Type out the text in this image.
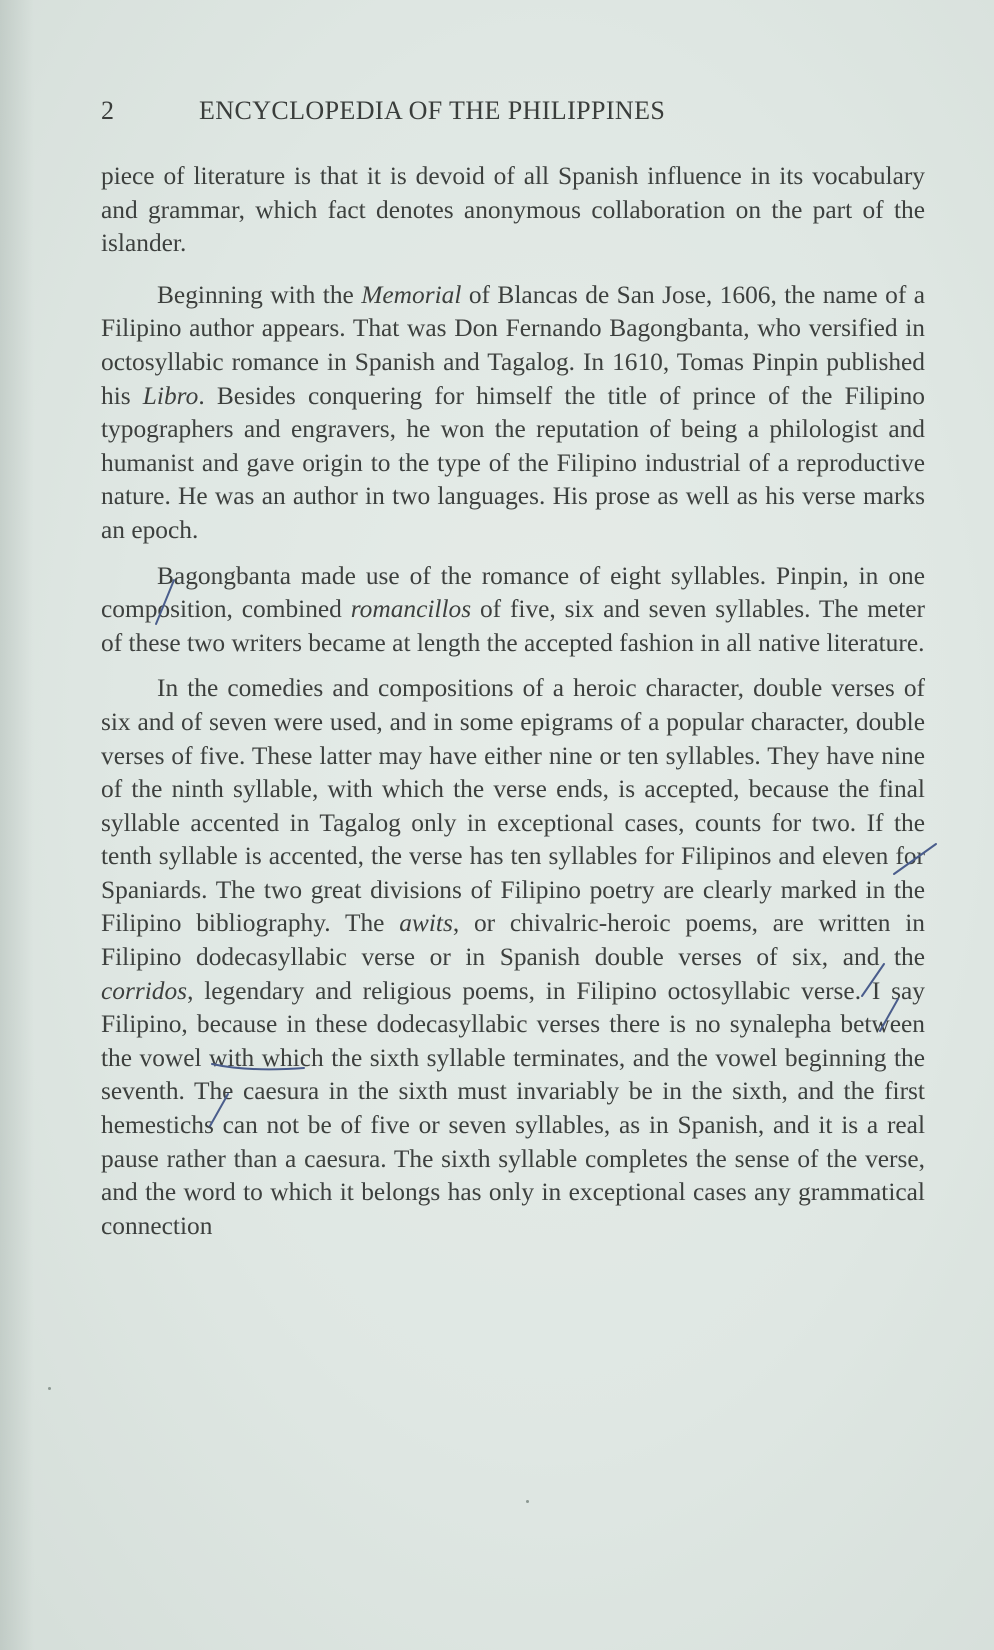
2	ENCYCLOPEDIA OF THE PHILIPPINES

piece of literature is that it is devoid of all Spanish influence in its vocabulary and grammar, which fact denotes anonymous collaboration on the part of the islander.

Beginning with the Memorial of Blancas de San Jose, 1606, the name of a Filipino author appears. That was Don Fernando Bagongbanta, who versified in octosyllabic romance in Spanish and Tagalog. In 1610, Tomas Pinpin published his Libro. Besides conquering for himself the title of prince of the Filipino typographers and engravers, he won the reputation of being a philologist and humanist and gave origin to the type of the Filipino industrial of a reproductive nature. He was an author in two languages. His prose as well as his verse marks an epoch.

Bagongbanta made use of the romance of eight syllables. Pinpin, in one composition, combined romancillos of five, six and seven syllables. The meter of these two writers became at length the accepted fashion in all native literature.

In the comedies and compositions of a heroic character, double verses of six and of seven were used, and in some epigrams of a popular character, double verses of five. These latter may have either nine or ten syllables. They have nine of the ninth syllable, with which the verse ends, is accepted, because the final syllable accented in Tagalog only in exceptional cases, counts for two. If the tenth syllable is accented, the verse has ten syllables for Filipinos and eleven for Spaniards. The two great divisions of Filipino poetry are clearly marked in the Filipino bibliography. The awits, or chivalric-heroic poems, are written in Filipino dodecasyllabic verse or in Spanish double verses of six, and the corridos, legendary and religious poems, in Filipino octosyllabic verse. I say Filipino, because in these dodecasyllabic verses there is no synalepha between the vowel with which the sixth syllable terminates, and the vowel beginning the seventh. The caesura in the sixth must invariably be in the sixth, and the first hemestichs can not be of five or seven syllables, as in Spanish, and it is a real pause rather than a caesura. The sixth syllable completes the sense of the verse, and the word to which it belongs has only in exceptional cases any grammatical connection
